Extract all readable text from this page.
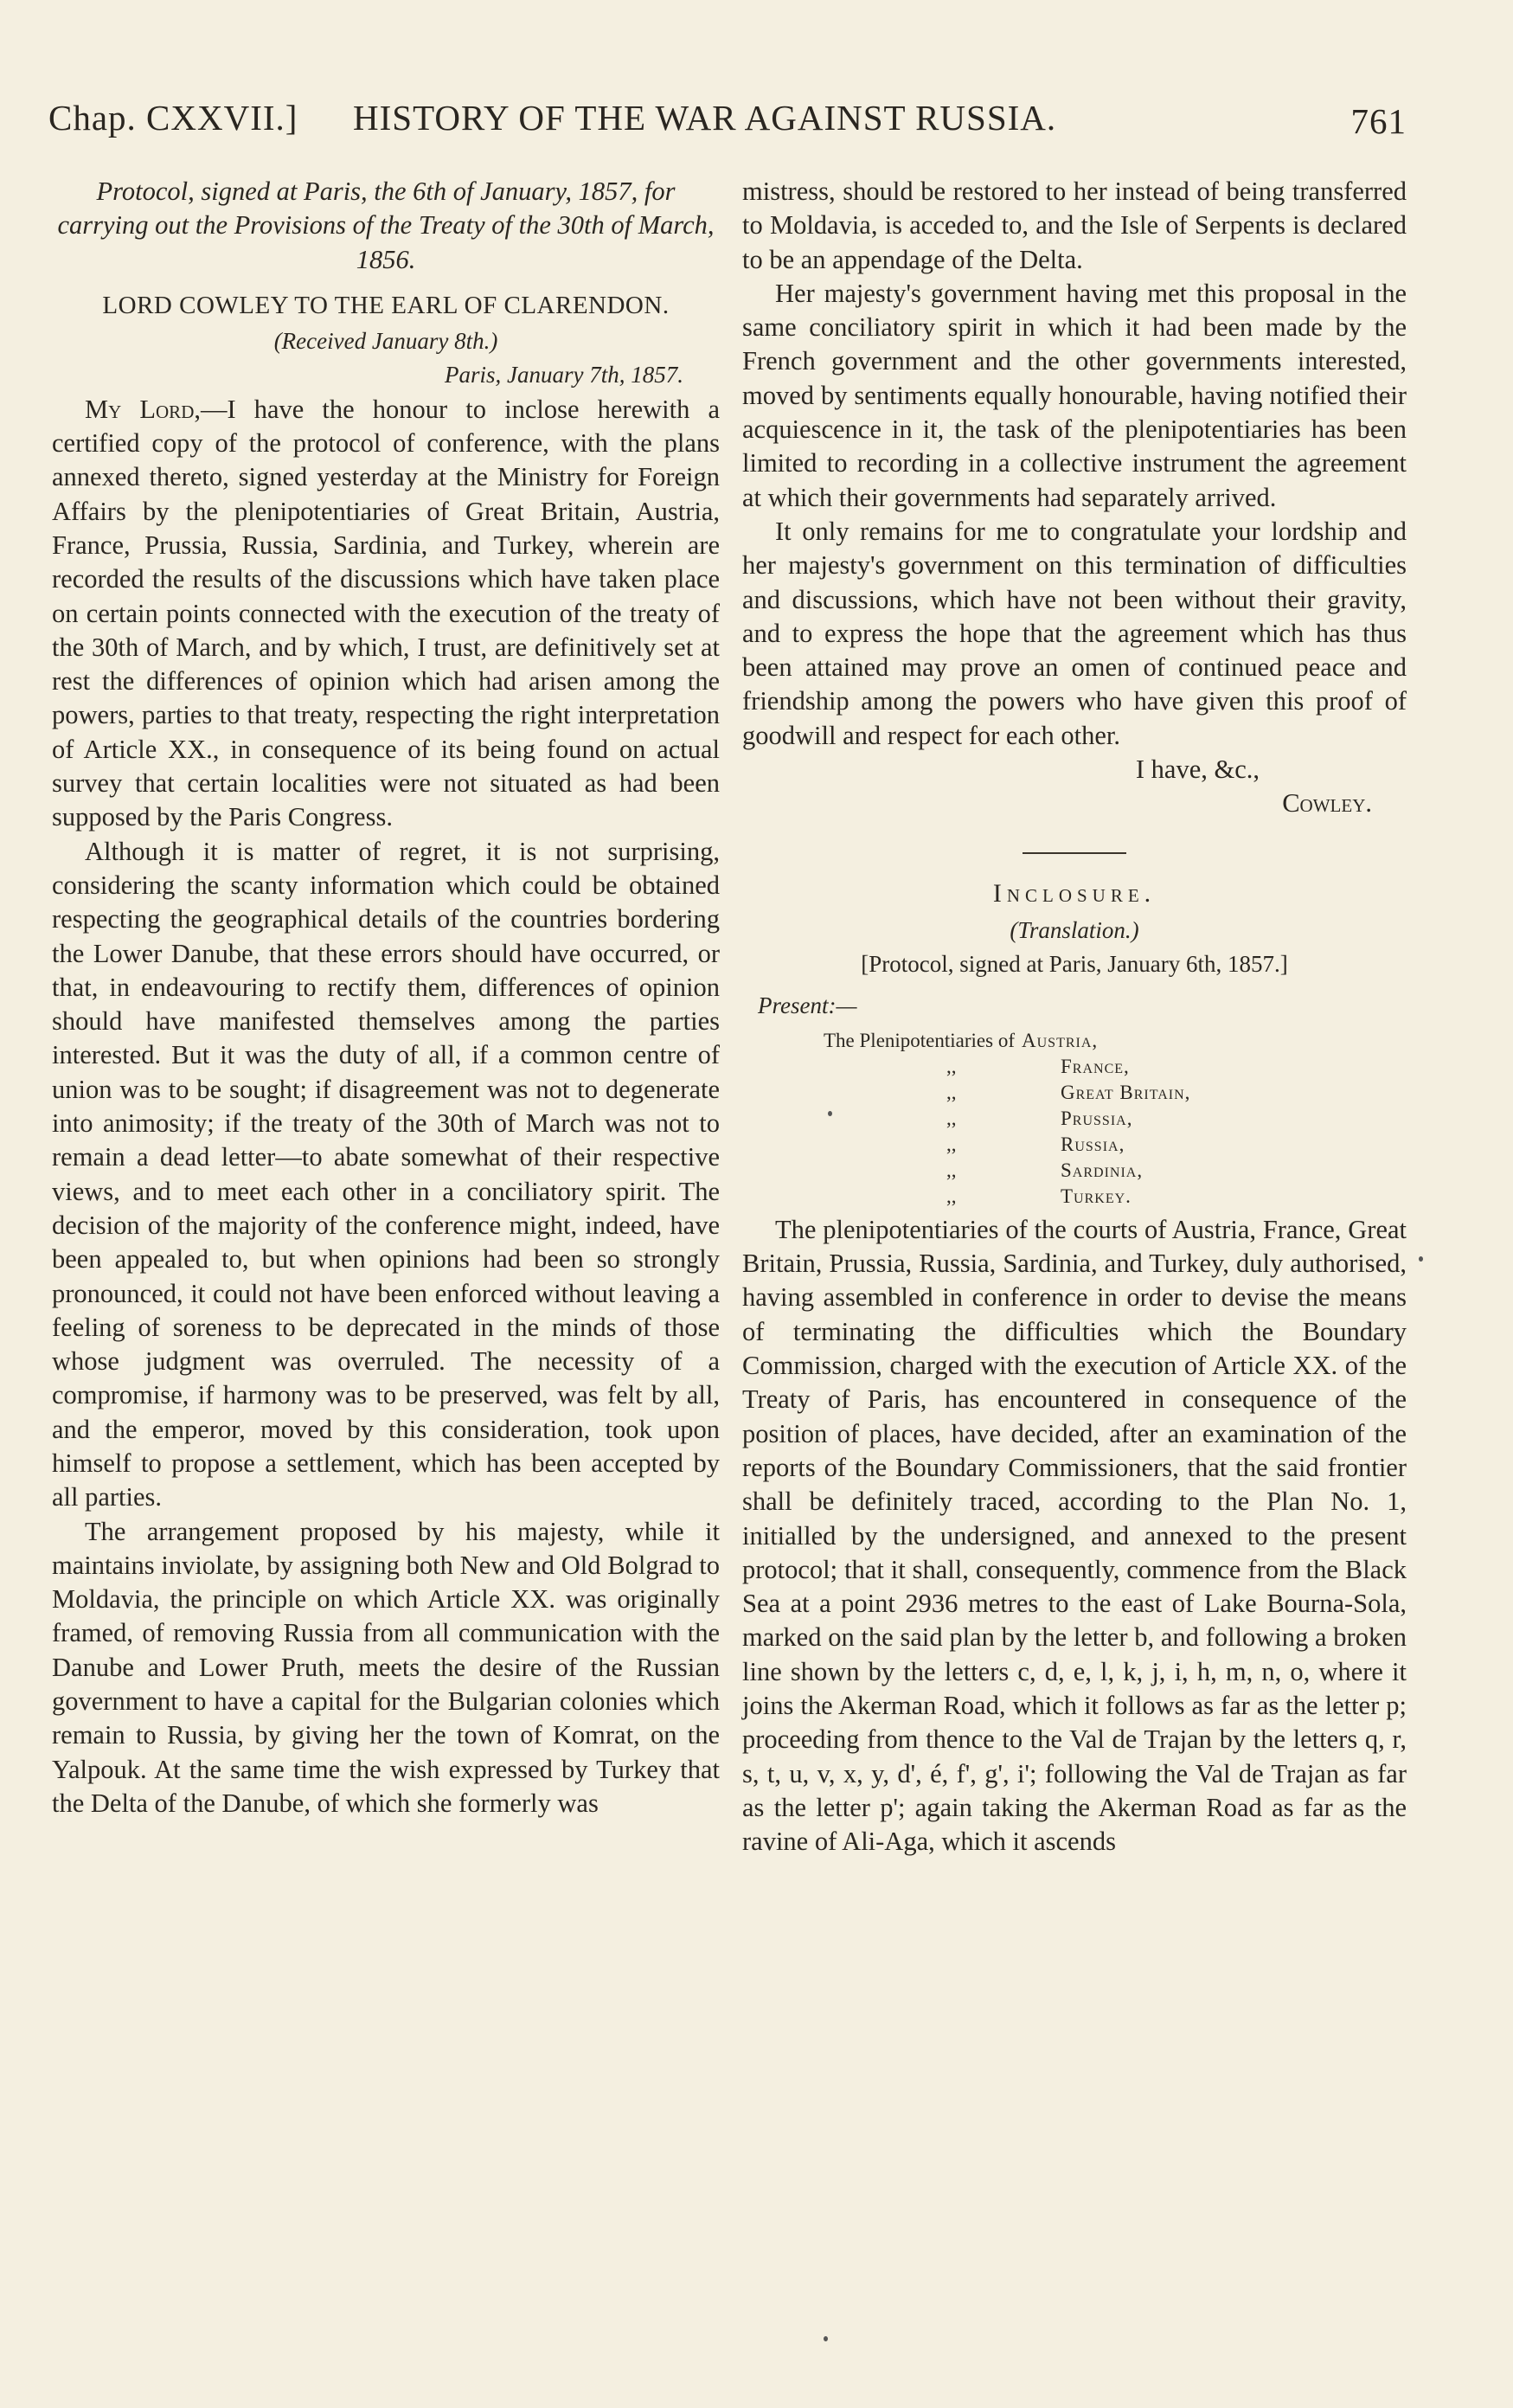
Chap. CXXVII.] HISTORY OF THE WAR AGAINST RUSSIA.	761

Protocol, signed at Paris, the 6th of January, 1857, for carrying out the Provisions of the Treaty of the 30th of March, 1856.

LORD COWLEY TO THE EARL OF CLARENDON.
(Received January 8th.)
Paris, January 7th, 1857.

My Lord,—I have the honour to inclose herewith a certified copy of the protocol of conference, with the plans annexed thereto, signed yesterday at the Ministry for Foreign Affairs by the plenipotentiaries of Great Britain, Austria, France, Prussia, Russia, Sardinia, and Turkey, wherein are recorded the results of the discussions which have taken place on certain points connected with the execution of the treaty of the 30th of March, and by which, I trust, are definitively set at rest the differences of opinion which had arisen among the powers, parties to that treaty, respecting the right interpretation of Article XX., in consequence of its being found on actual survey that certain localities were not situated as had been supposed by the Paris Congress.

Although it is matter of regret, it is not surprising, considering the scanty information which could be obtained respecting the geographical details of the countries bordering the Lower Danube, that these errors should have occurred, or that, in endeavouring to rectify them, differences of opinion should have manifested themselves among the parties interested. But it was the duty of all, if a common centre of union was to be sought; if disagreement was not to degenerate into animosity; if the treaty of the 30th of March was not to remain a dead letter—to abate somewhat of their respective views, and to meet each other in a conciliatory spirit. The decision of the majority of the conference might, indeed, have been appealed to, but when opinions had been so strongly pronounced, it could not have been enforced without leaving a feeling of soreness to be deprecated in the minds of those whose judgment was overruled. The necessity of a compromise, if harmony was to be preserved, was felt by all, and the emperor, moved by this consideration, took upon himself to propose a settlement, which has been accepted by all parties.

The arrangement proposed by his majesty, while it maintains inviolate, by assigning both New and Old Bolgrad to Moldavia, the principle on which Article XX. was originally framed, of removing Russia from all communication with the Danube and Lower Pruth, meets the desire of the Russian government to have a capital for the Bulgarian colonies which remain to Russia, by giving her the town of Komrat, on the Yalpouk. At the same time the wish expressed by Turkey that the Delta of the Danube, of which she formerly was

mistress, should be restored to her instead of being transferred to Moldavia, is acceded to, and the Isle of Serpents is declared to be an appendage of the Delta.

Her majesty's government having met this proposal in the same conciliatory spirit in which it had been made by the French government and the other governments interested, moved by sentiments equally honourable, having notified their acquiescence in it, the task of the plenipotentiaries has been limited to recording in a collective instrument the agreement at which their governments had separately arrived.

It only remains for me to congratulate your lordship and her majesty's government on this termination of difficulties and discussions, which have not been without their gravity, and to express the hope that the agreement which has thus been attained may prove an omen of continued peace and friendship among the powers who have given this proof of goodwill and respect for each other.

I have, &c.,
Cowley.
Inclosure.
(Translation.)
[Protocol, signed at Paris, January 6th, 1857.]
Present:—
The Plenipotentiaries of Austria,
,,	France,
,,	Great Britain,
,,	Prussia,
,,	Russia,
,,	Sardinia,
,,	Turkey.

The plenipotentiaries of the courts of Austria, France, Great Britain, Prussia, Russia, Sardinia, and Turkey, duly authorised, having assembled in conference in order to devise the means of terminating the difficulties which the Boundary Commission, charged with the execution of Article XX. of the Treaty of Paris, has encountered in consequence of the position of places, have decided, after an examination of the reports of the Boundary Commissioners, that the said frontier shall be definitely traced, according to the Plan No. 1, initialled by the undersigned, and annexed to the present protocol; that it shall, consequently, commence from the Black Sea at a point 2936 metres to the east of Lake Bourna-Sola, marked on the said plan by the letter b, and following a broken line shown by the letters c, d, e, l, k, j, i, h, m, n, o, where it joins the Akerman Road, which it follows as far as the letter p; proceeding from thence to the Val de Trajan by the letters q, r, s, t, u, v, x, y, d', é, f', g', i'; following the Val de Trajan as far as the letter p'; again taking the Akerman Road as far as the ravine of Ali-Aga, which it ascends
